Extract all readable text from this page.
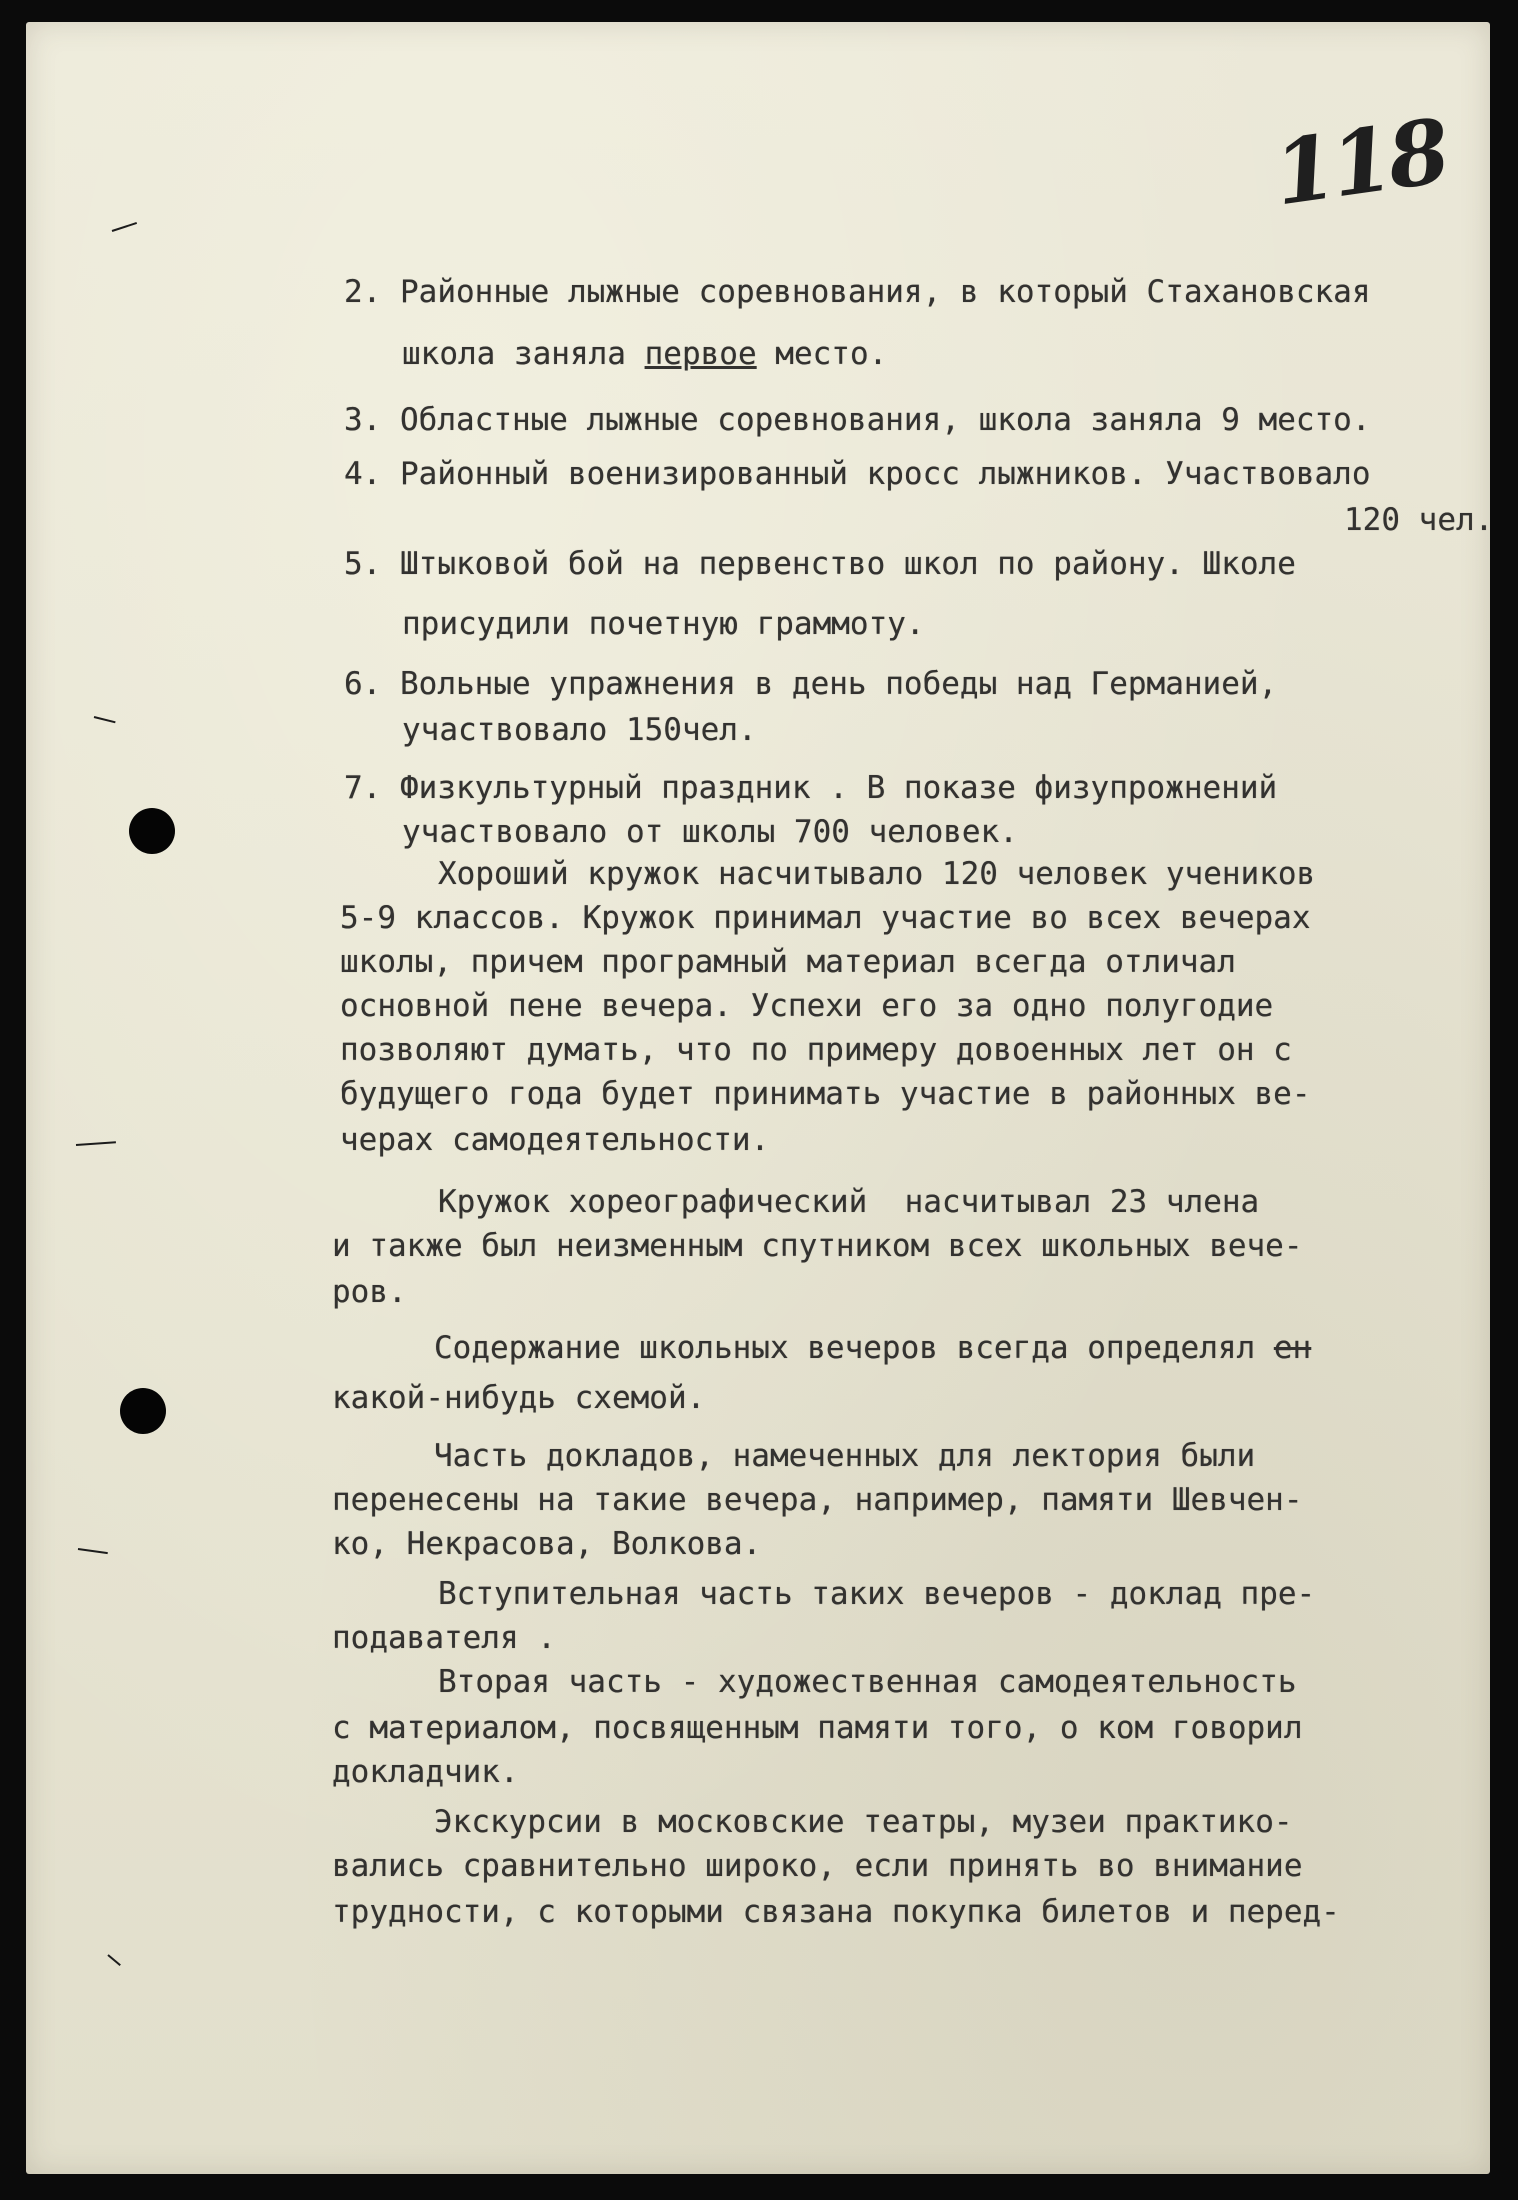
118
2. Районные лыжные соревнования, в который Стахановская
школа заняла первое место.
3. Областные лыжные соревнования, школа заняла 9 место.
4. Районный военизированный кросс лыжников. Участвовало
120 чел.
5. Штыковой бой на первенство школ по району. Школе
присудили почетную граммоту.
6. Вольные упражнения в день победы над Германией,
участвовало 150чел.
7. Физкультурный праздник . В показе физупрожнений
участвовало от школы 700 человек.
Хороший кружок насчитывало 120 человек учеников
5-9 классов. Кружок принимал участие во всех вечерах
школы, причем програмный материал всегда отличал
основной пене вечера. Успехи его за одно полугодие
позволяют думать, что по примеру довоенных лет он с
будущего года будет принимать участие в районных ве-
черах самодеятельности.
Кружок хореографический  насчитывал 23 члена
и также был неизменным спутником всех школьных вече-
ров.
Содержание школьных вечеров всегда определял ен
какой-нибудь схемой.
Часть докладов, намеченных для лектория были
перенесены на такие вечера, например, памяти Шевчен-
ко, Некрасова, Волкова.
Вступительная часть таких вечеров - доклад пре-
подавателя .
Вторая часть - художественная самодеятельность
с материалом, посвященным памяти того, о ком говорил
докладчик.
Экскурсии в московские театры, музеи практико-
вались сравнительно широко, если принять во внимание
трудности, с которыми связана покупка билетов и перед-
